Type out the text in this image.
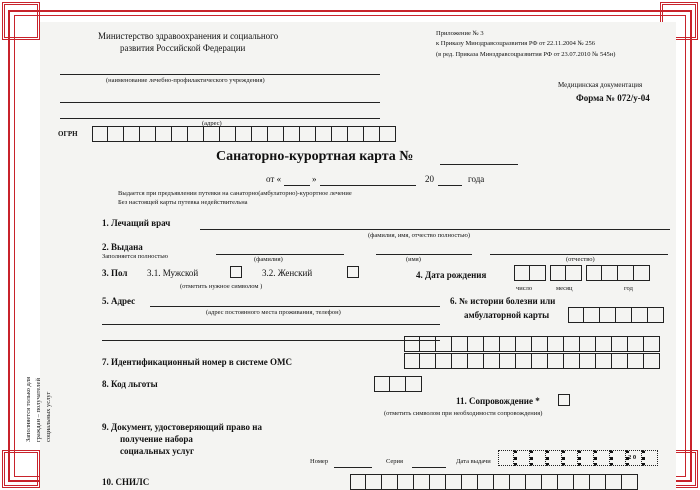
Министерство здравоохранения и социального
развития Российской Федерации
(наименование лечебно-профилактического учреждения)
(адрес)
ОГРН
Приложение № 3
к Приказу Минздравсоцразвития РФ от 22.11.2004 № 256
(в ред. Приказа Минздравсоцразвития РФ от 23.07.2010 № 545н)
Медицинская документация
Форма № 072/у-04
Санаторно-курортная карта №
от «	»	20	года
Выдается при предъявлении путевки на санаторно(амбулаторно)-курортное лечение
Без настоящей карты путевка недействительна
1. Лечащий врач
(фамилия, имя, отчество полностью)
2. Выдана
Заполняется полностью	(фамилия)	(имя)	(отчество)
3. Пол 3.1. Мужской	3.2. Женский
(отметить нужное символом )
4. Дата рождения
число	месяц	год
5. Адрес
(адрес постоянного места проживания, телефон)
6. № истории болезни или
амбулаторной карты
7. Идентификационный номер в системе ОМС
8. Код льготы
11. Сопровождение *
(отметить символом при необходимости сопровождения)
9. Документ, удостоверяющий право на
получение набора
социальных услуг
Номер	Серия	Дата выдачи
2 0
10. СНИЛС
Заполняется только для граждан – получателей социальных услуг
